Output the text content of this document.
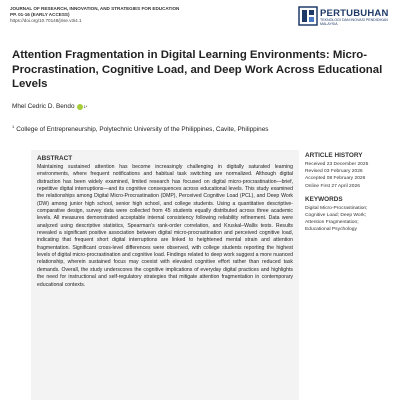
JOURNAL OF RESEARCH, INNOVATION, AND STRATEGIES FOR EDUCATION
PP. 01-16 (EARLY ACCESS)
https://doi.org/10.70148/jrise.v3i4.1
PERTUBUHAN
TEKNOLOGI DAN INOVASI PENDIDIKAN MALAYSIA
Attention Fragmentation in Digital Learning Environments: Micro-Procrastination, Cognitive Load, and Deep Work Across Educational Levels
Mhel Cedric D. Bendo 1*
$^1$ College of Entrepreneurship, Polytechnic University of the Philippines, Cavite, Philippines
ABSTRACT

Maintaining sustained attention has become increasingly challenging in digitally saturated learning environments, where frequent notifications and habitual task switching are normalized. Although digital distraction has been widely examined, limited research has focused on digital micro-procrastination—brief, repetitive digital interruptions—and its cognitive consequences across educational levels. This study examined the relationships among Digital Micro-Procrastination (DMP), Perceived Cognitive Load (PCL), and Deep Work (DW) among junior high school, senior high school, and college students. Using a quantitative descriptive-comparative design, survey data were collected from 45 students equally distributed across three academic levels. All measures demonstrated acceptable internal consistency following reliability refinement. Data were analyzed using descriptive statistics, Spearman's rank-order correlation, and Kruskal–Wallis tests. Results revealed a significant positive association between digital micro-procrastination and perceived cognitive load, indicating that frequent short digital interruptions are linked to heightened mental strain and attention fragmentation. Significant cross-level differences were observed, with college students reporting the highest levels of digital micro-procrastination and cognitive load. Findings related to deep work suggest a more nuanced relationship, wherein sustained focus may coexist with elevated cognitive effort rather than reduced task demands. Overall, the study underscores the cognitive implications of everyday digital practices and highlights the need for instructional and self-regulatory strategies that mitigate attention fragmentation in contemporary educational contexts.

ARTICLE HISTORY
Received 23 December 2025
Revised 03 February 2026
Accepted 08 February 2026
Online First 27 April 2026
KEYWORDS
Digital Micro-Procrastination;
Cognitive Load; Deep Work;
Attention Fragmentation;
Educational Psychology
